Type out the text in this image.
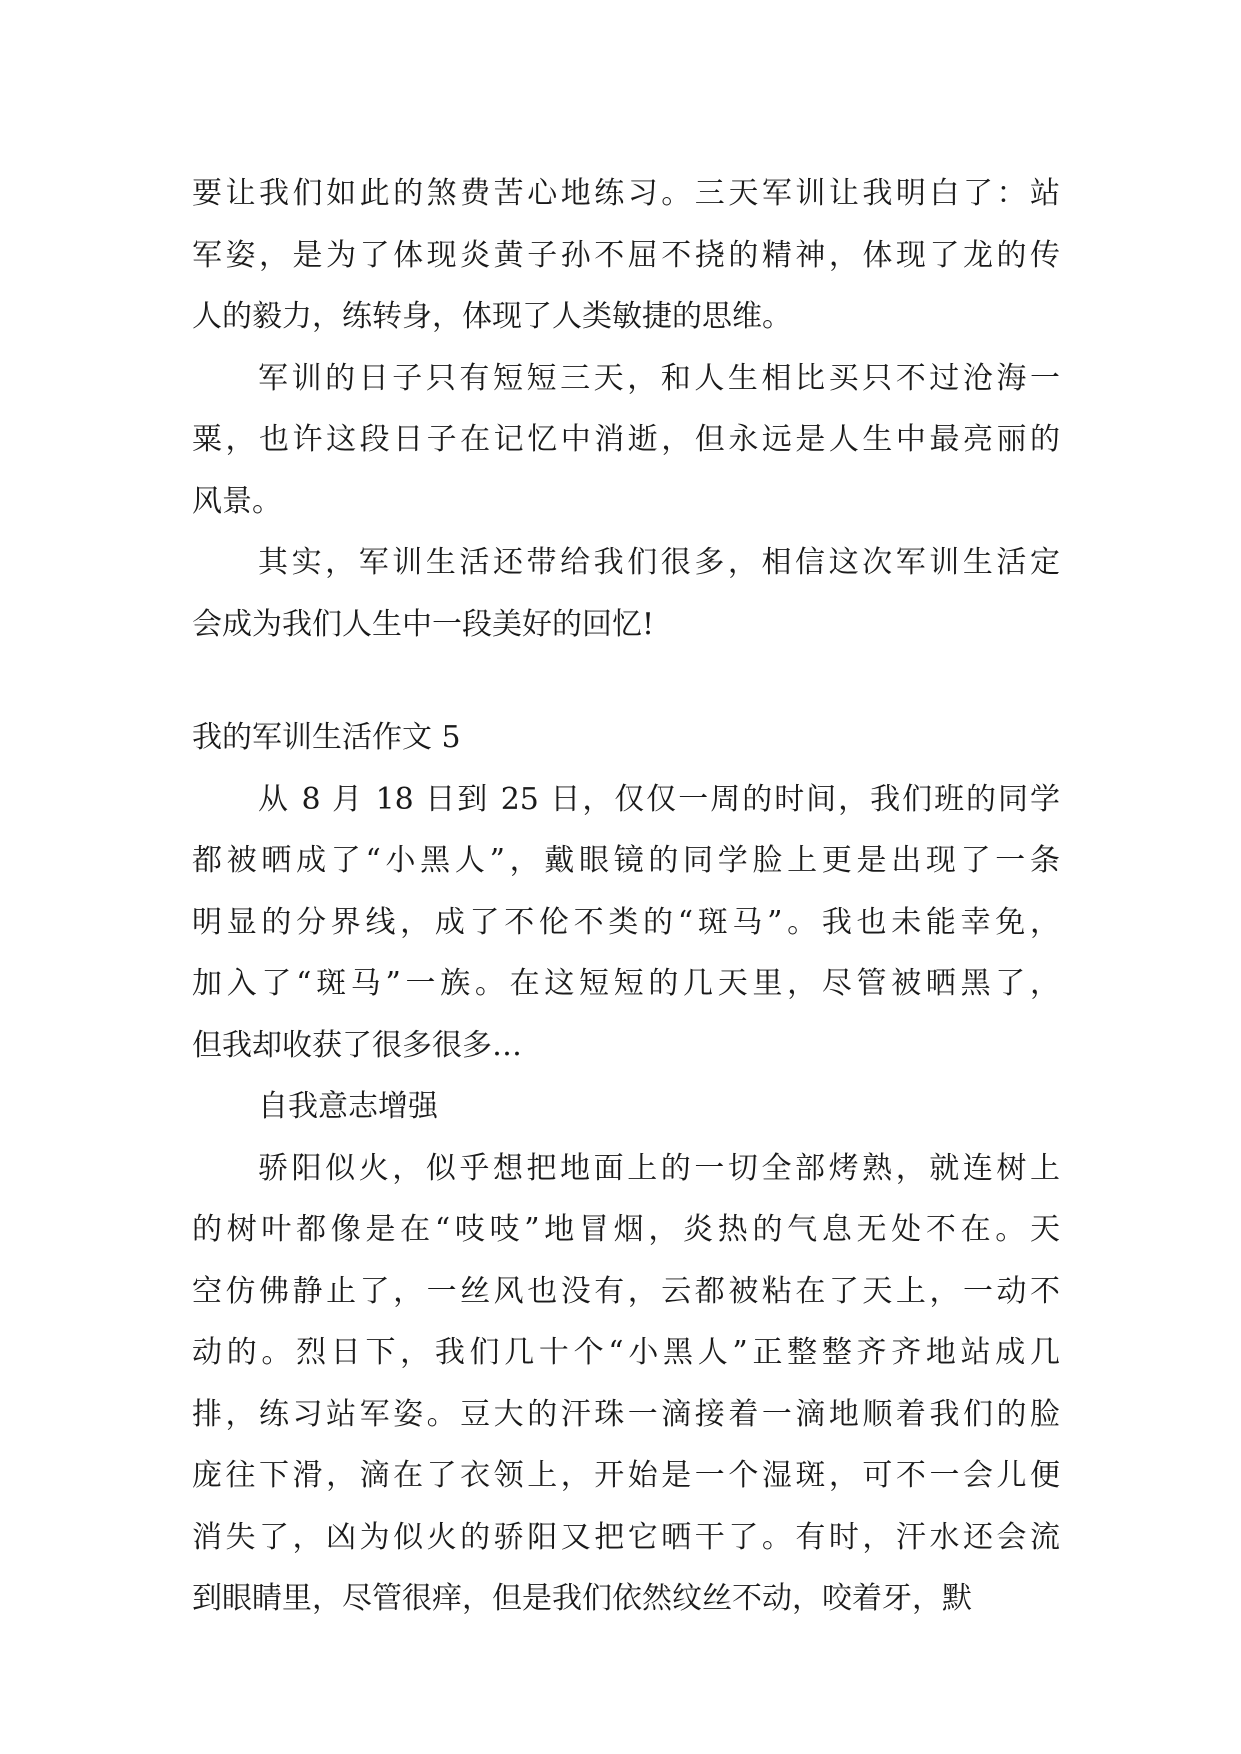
要让我们如此的煞费苦心地练习。三天军训让我明白了：站
军姿，是为了体现炎黄子孙不屈不挠的精神，体现了龙的传
人的毅力，练转身，体现了人类敏捷的思维。
军训的日子只有短短三天，和人生相比买只不过沧海一
粟，也许这段日子在记忆中消逝，但永远是人生中最亮丽的
风景。
其实，军训生活还带给我们很多，相信这次军训生活定
会成为我们人生中一段美好的回忆!
我的军训生活作文 5
从 8 月 18 日到 25 日，仅仅一周的时间，我们班的同学
都被晒成了“小黑人”，戴眼镜的同学脸上更是出现了一条
明显的分界线，成了不伦不类的“斑马”。我也未能幸免，
加入了“斑马”一族。在这短短的几天里，尽管被晒黑了，
但我却收获了很多很多…
自我意志增强
骄阳似火，似乎想把地面上的一切全部烤熟，就连树上
的树叶都像是在“吱吱”地冒烟，炎热的气息无处不在。天
空仿佛静止了，一丝风也没有，云都被粘在了天上，一动不
动的。烈日下，我们几十个“小黑人”正整整齐齐地站成几
排，练习站军姿。豆大的汗珠一滴接着一滴地顺着我们的脸
庞往下滑，滴在了衣领上，开始是一个湿斑，可不一会儿便
消失了，凶为似火的骄阳又把它晒干了。有时，汗水还会流
到眼睛里，尽管很痒，但是我们依然纹丝不动，咬着牙，默
